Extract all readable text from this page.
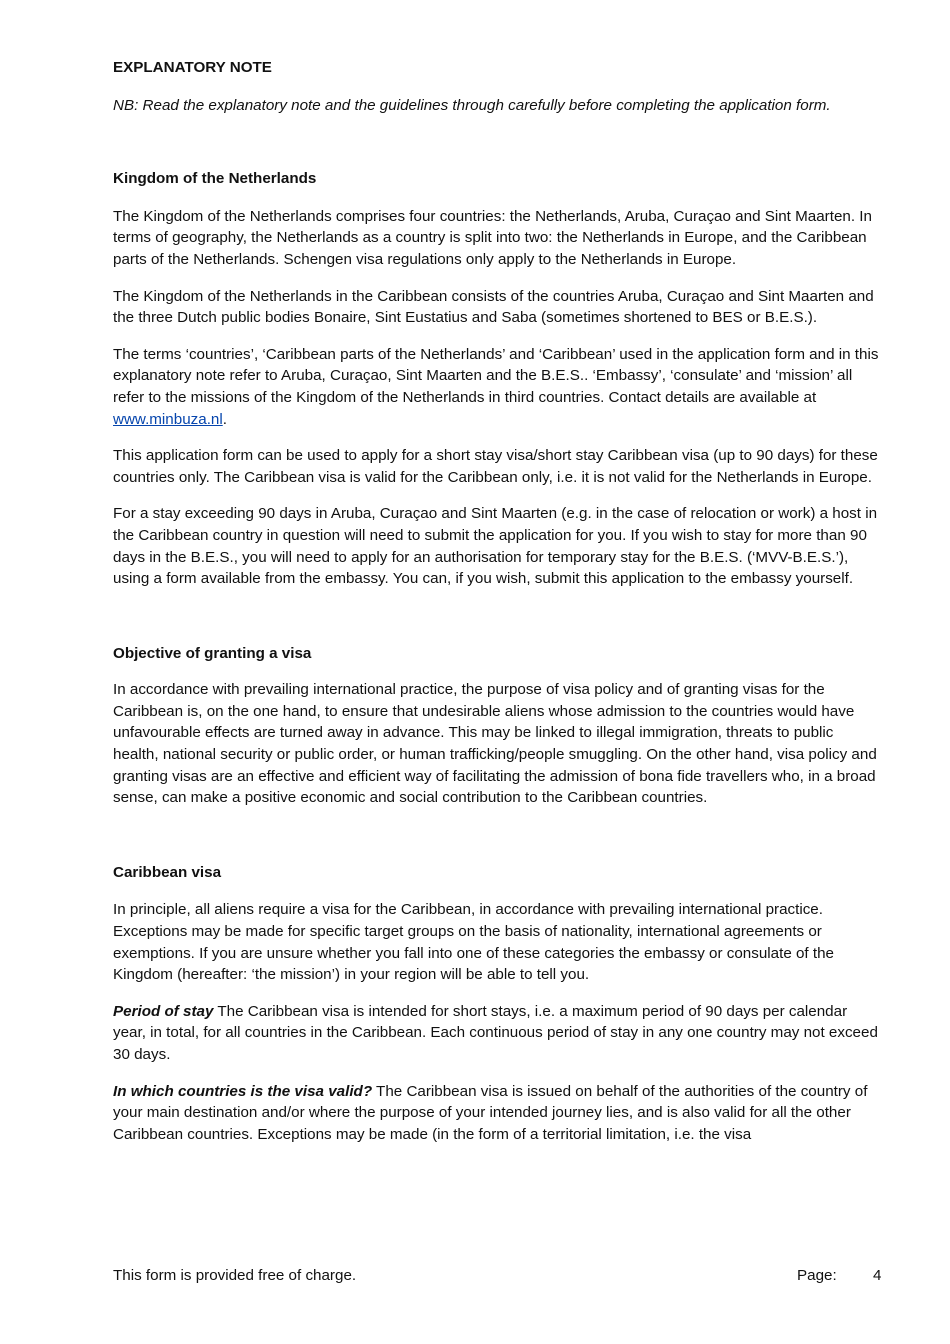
EXPLANATORY NOTE

NB: Read the explanatory note and the guidelines through carefully before completing the application form.

Kingdom of the Netherlands

The Kingdom of the Netherlands comprises four countries: the Netherlands, Aruba, Curaçao and Sint Maarten. In terms of geography, the Netherlands as a country is split into two: the Netherlands in Europe, and the Caribbean parts of the Netherlands. Schengen visa regulations only apply to the Netherlands in Europe.

The Kingdom of the Netherlands in the Caribbean consists of the countries Aruba, Curaçao and Sint Maarten and the three Dutch public bodies Bonaire, Sint Eustatius and Saba (sometimes shortened to BES or B.E.S.).

The terms ‘countries’, ‘Caribbean parts of the Netherlands’ and ‘Caribbean’ used in the application form and in this explanatory note refer to Aruba, Curaçao, Sint Maarten and the B.E.S.. ‘Embassy’, ‘consulate’ and ‘mission’ all refer to the missions of the Kingdom of the Netherlands in third countries. Contact details are available at www.minbuza.nl.

This application form can be used to apply for a short stay visa/short stay Caribbean visa (up to 90 days) for these countries only. The Caribbean visa is valid for the Caribbean only, i.e. it is not valid for the Netherlands in Europe.

For a stay exceeding 90 days in Aruba, Curaçao and Sint Maarten (e.g. in the case of relocation or work) a host in the Caribbean country in question will need to submit the application for you. If you wish to stay for more than 90 days in the B.E.S., you will need to apply for an authorisation for temporary stay for the B.E.S. (‘MVV-B.E.S.’), using a form available from the embassy. You can, if you wish, submit this application to the embassy yourself.

Objective of granting a visa

In accordance with prevailing international practice, the purpose of visa policy and of granting visas for the Caribbean is, on the one hand, to ensure that undesirable aliens whose admission to the countries would have unfavourable effects are turned away in advance. This may be linked to illegal immigration, threats to public health, national security or public order, or human trafficking/people smuggling. On the other hand, visa policy and granting visas are an effective and efficient way of facilitating the admission of bona fide travellers who, in a broad sense, can make a positive economic and social contribution to the Caribbean countries.

Caribbean visa

In principle, all aliens require a visa for the Caribbean, in accordance with prevailing international practice. Exceptions may be made for specific target groups on the basis of nationality, international agreements or exemptions. If you are unsure whether you fall into one of these categories the embassy or consulate of the Kingdom (hereafter: ‘the mission’) in your region will be able to tell you.

Period of stay The Caribbean visa is intended for short stays, i.e. a maximum period of 90 days per calendar year, in total, for all countries in the Caribbean. Each continuous period of stay in any one country may not exceed 30 days.

In which countries is the visa valid? The Caribbean visa is issued on behalf of the authorities of the country of your main destination and/or where the purpose of your intended journey lies, and is also valid for all the other Caribbean countries. Exceptions may be made (in the form of a territorial limitation, i.e. the visa

This form is provided free of charge.	Page: 4
